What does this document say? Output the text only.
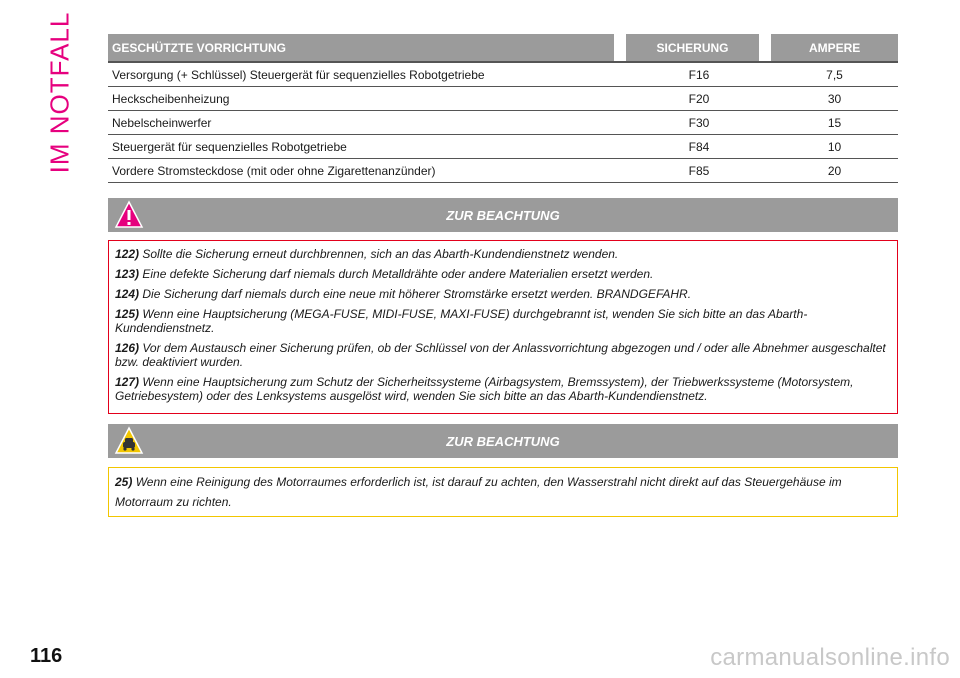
IM NOTFALL	GESCHÜTZTE VORRICHTUNG	SICHERUNG	AMPERE
Versorgung (+ Schlüssel) Steuergerät für sequenzielles Robotgetriebe	F16	7,5
Heckscheibenheizung	F20	30
Nebelscheinwerfer	F30	15
Steuergerät für sequenzielles Robotgetriebe	F84	10
Vordere Stromsteckdose (mit oder ohne Zigarettenanzünder)	F85	20
ZUR BEACHTUNG

122) Sollte die Sicherung erneut durchbrennen, sich an das Abarth-Kundendienstnetz wenden.

123) Eine defekte Sicherung darf niemals durch Metalldrähte oder andere Materialien ersetzt werden.

124) Die Sicherung darf niemals durch eine neue mit höherer Stromstärke ersetzt werden. BRANDGEFAHR.

125) Wenn eine Hauptsicherung (MEGA-FUSE, MIDI-FUSE, MAXI-FUSE) durchgebrannt ist, wenden Sie sich bitte an das Abarth-Kundendienstnetz.

126) Vor dem Austausch einer Sicherung prüfen, ob der Schlüssel von der Anlassvorrichtung abgezogen und / oder alle Abnehmer ausgeschaltet bzw. deaktiviert wurden.

127) Wenn eine Hauptsicherung zum Schutz der Sicherheitssysteme (Airbagsystem, Bremssystem), der Triebwerkssysteme (Motorsystem, Getriebesystem) oder des Lenksystems ausgelöst wird, wenden Sie sich bitte an das Abarth-Kundendienstnetz.

ZUR BEACHTUNG

25) Wenn eine Reinigung des Motorraumes erforderlich ist, ist darauf zu achten, den Wasserstrahl nicht direkt auf das Steuergehäuse im Motorraum zu richten.

116	carmanualsonline.info
